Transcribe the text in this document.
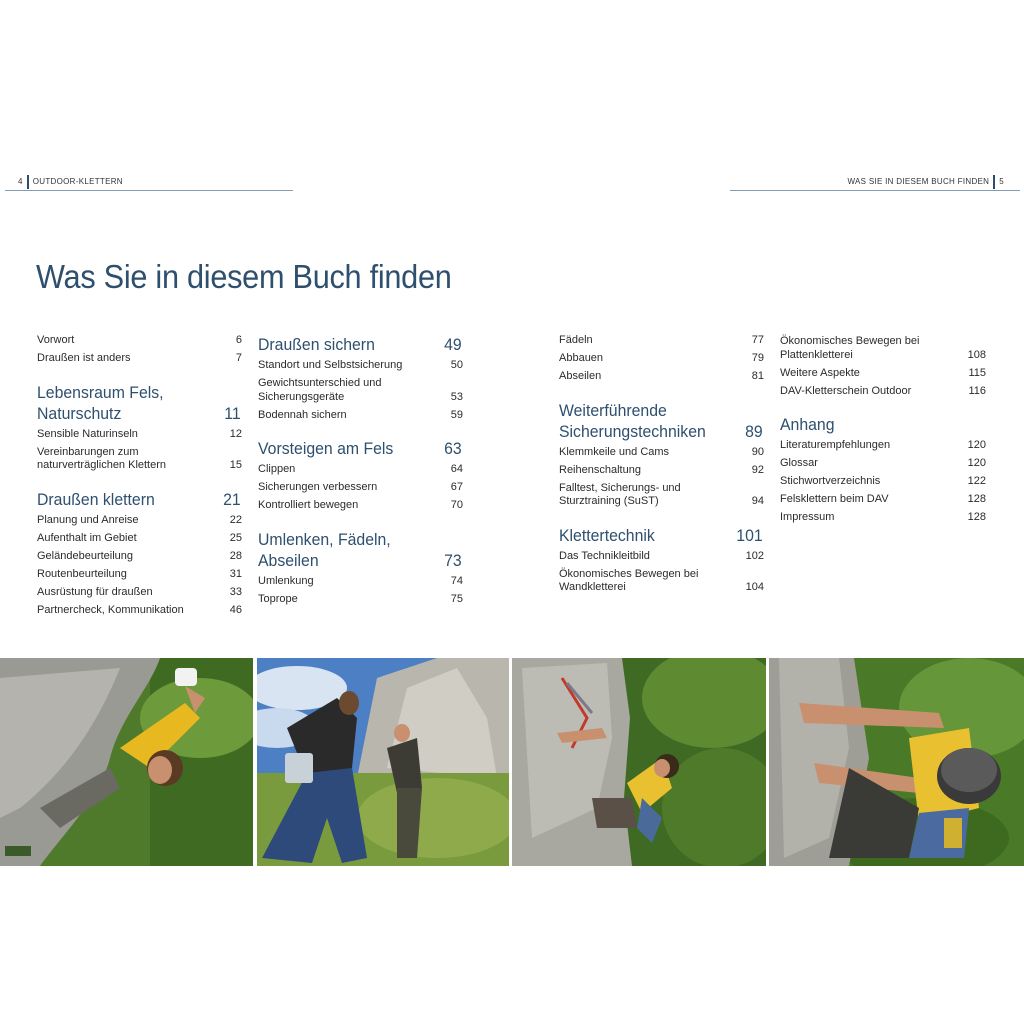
4 OUTDOOR-KLETTERN	WAS SIE IN DIESEM BUCH FINDEN 5
Was Sie in diesem Buch finden
Vorwort	6
Draußen ist anders	7
Lebensraum Fels, Naturschutz	11
Sensible Naturinseln	12
Vereinbarungen zum naturverträglichen Klettern	15
Draußen klettern	21
Planung und Anreise	22
Aufenthalt im Gebiet	25
Geländebeurteilung	28
Routenbeurteilung	31
Ausrüstung für draußen	33
Partnercheck, Kommunikation	46
Draußen sichern	49
Standort und Selbstsicherung	50
Gewichtsunterschied und Sicherungsgeräte	53
Bodennah sichern	59
Vorsteigen am Fels	63
Clippen	64
Sicherungen verbessern	67
Kontrolliert bewegen	70
Umlenken, Fädeln, Abseilen	73
Umlenkung	74
Toprope	75
Fädeln	77
Abbauen	79
Abseilen	81
Weiterführende Sicherungstechniken	89
Klemmkeile und Cams	90
Reihenschaltung	92
Falltest, Sicherungs- und Sturztraining (SuST)	94
Klettertechnik	101
Das Technikleitbild	102
Ökonomisches Bewegen bei Wandkletterei	104
Ökonomisches Bewegen bei Plattenkletterei	108
Weitere Aspekte	115
DAV-Kletterschein Outdoor	116
Anhang
Literaturempfehlungen	120
Glossar	120
Stichwortverzeichnis	122
Felsklettern beim DAV	128
Impressum	128
